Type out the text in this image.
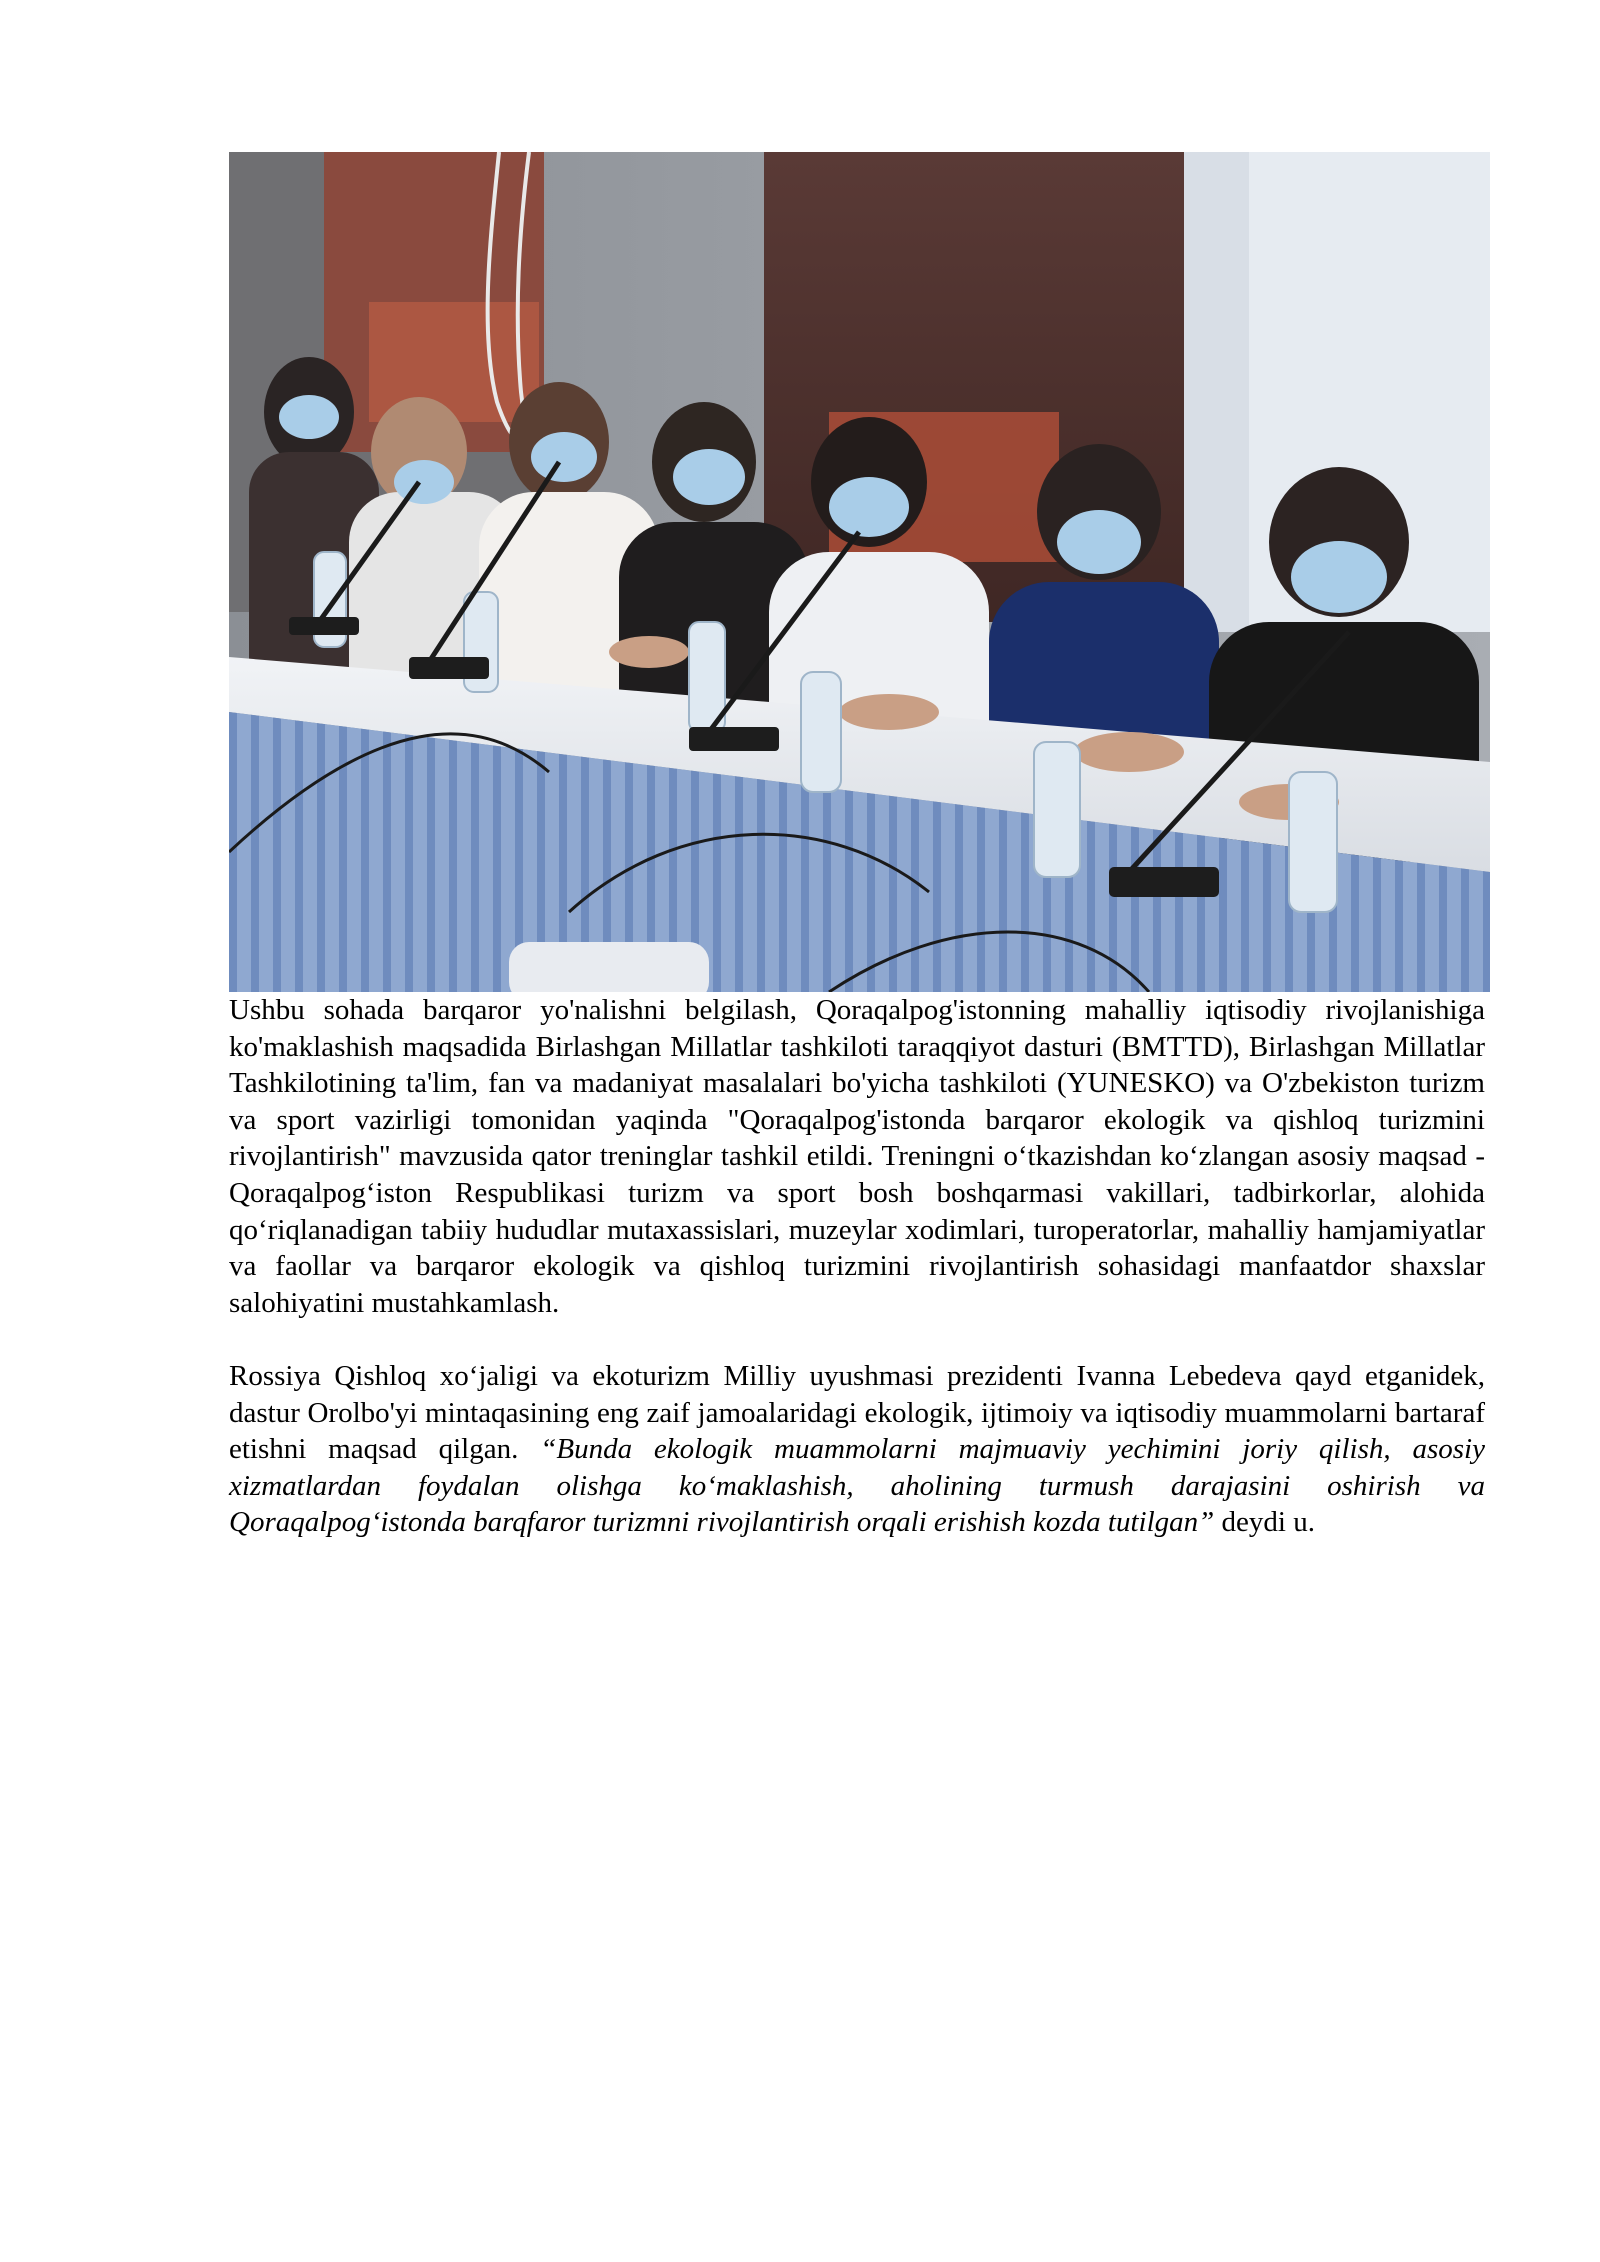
Ushbu sohada barqaror yo'nalishni belgilash, Qoraqalpog'istonning mahalliy iqtisodiy rivojlanishiga ko'maklashish maqsadida Birlashgan Millatlar tashkiloti taraqqiyot dasturi (BMTTD), Birlashgan Millatlar Tashkilotining ta'lim, fan va madaniyat masalalari bo'yicha tashkiloti (YUNESKO) va O'zbekiston turizm va sport vazirligi tomonidan yaqinda "Qoraqalpog'istonda barqaror ekologik va qishloq turizmini rivojlantirish" mavzusida qator treninglar tashkil etildi. Treningni o‘tkazishdan ko‘zlangan asosiy maqsad - Qoraqalpog‘iston Respublikasi turizm va sport bosh boshqarmasi vakillari, tadbirkorlar, alohida qo‘riqlanadigan tabiiy hududlar mutaxassislari, muzeylar xodimlari, turoperatorlar, mahalliy hamjamiyatlar va faollar va barqaror ekologik va qishloq turizmini rivojlantirish sohasidagi manfaatdor shaxslar salohiyatini mustahkamlash.

Rossiya Qishloq xo‘jaligi va ekoturizm Milliy uyushmasi prezidenti Ivanna Lebedeva qayd etganidek, dastur Orolbo'yi mintaqasining eng zaif jamoalaridagi ekologik, ijtimoiy va iqtisodiy muammolarni bartaraf etishni maqsad qilgan. “Bunda ekologik muammolarni majmuaviy yechimini joriy qilish, asosiy xizmatlardan foydalan olishga ko‘maklashish, aholining turmush darajasini oshirish va Qoraqalpog‘istonda barqfaror turizmni rivojlantirish orqali erishish kozda tutilgan” deydi u.
